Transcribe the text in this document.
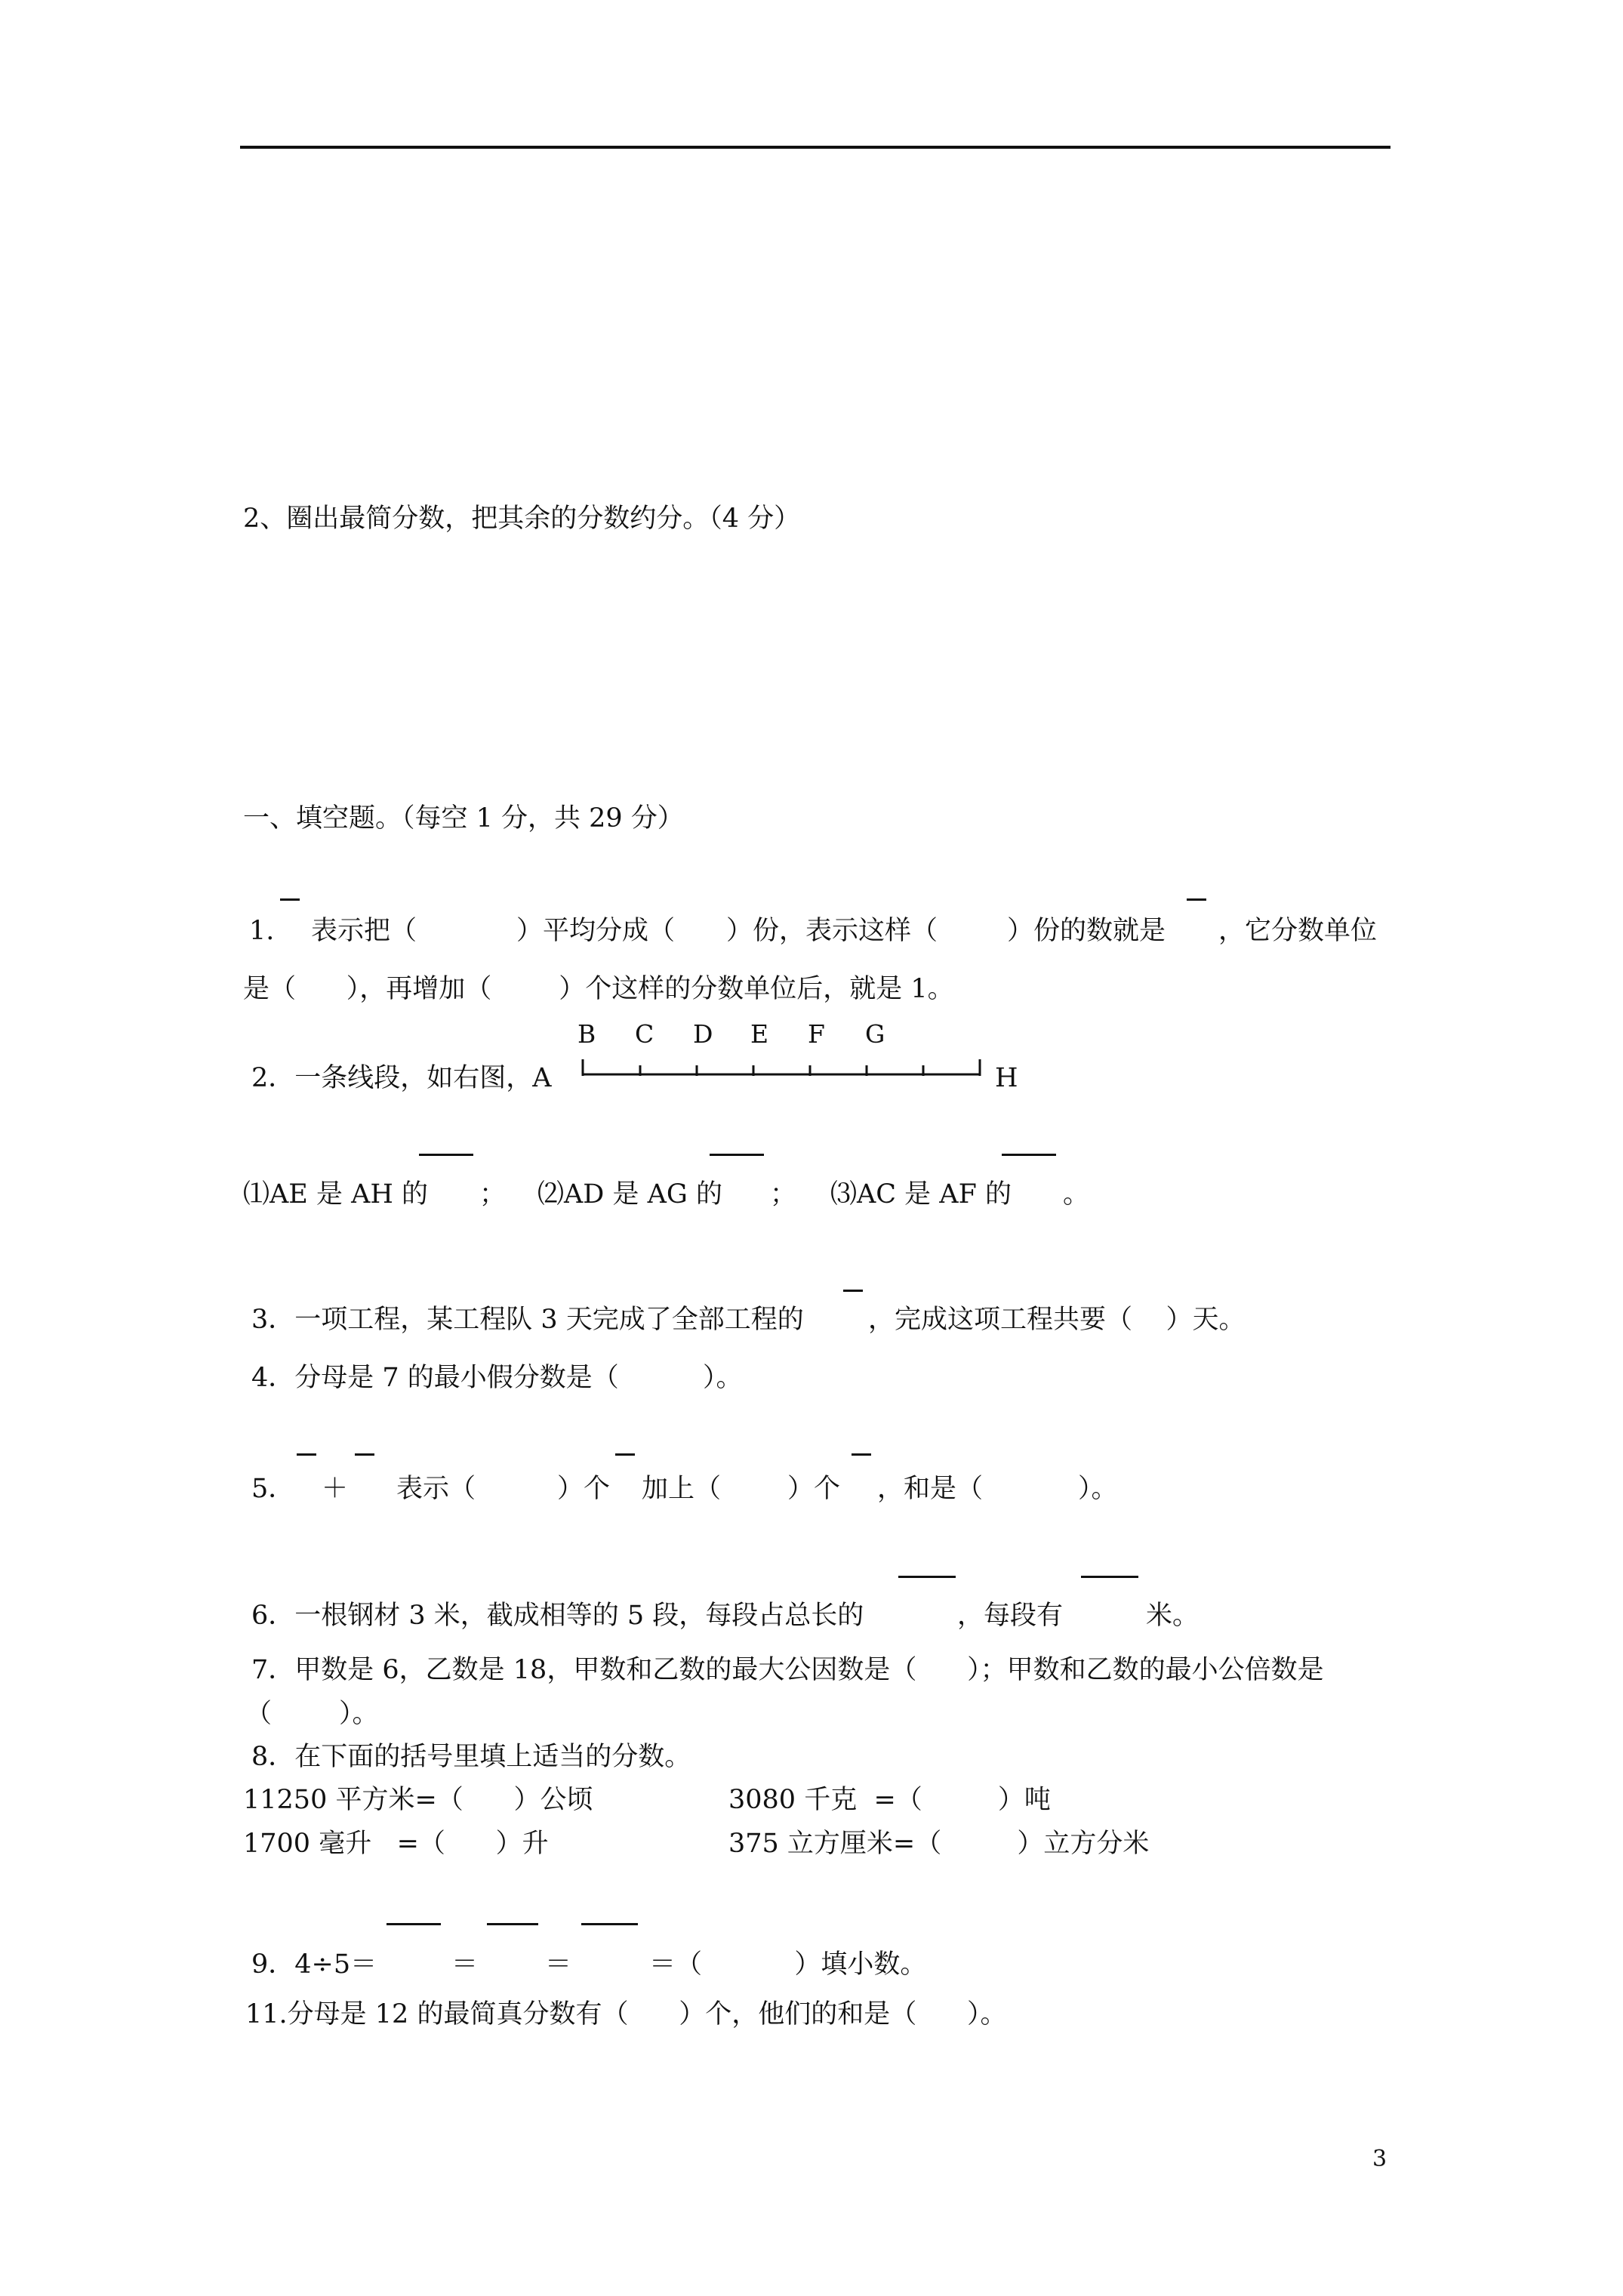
2、圈出最简分数，把其余的分数约分。（4 分）
一、填空题。（每空 1 分，共 29 分）
1. 表示把（	）平均分成（ ）份，表示这样（	）份的数就是 ，它分数单位
是（      ），再增加（        ）个这样的分数单位后，就是 1。
B C D E F G
2．一条线段，如右图，A	H
⑴AE 是 AH 的 ； ⑵AD 是 AG 的 ； ⑶AC 是 AF 的 。
3．一项工程，某工程队 3 天完成了全部工程的 ，完成这项工程共要（    ）天。
4．分母是 7 的最小假分数是（          ）。
5． ＋ 表示（	）个 加上（	）个 ，和是（	）。
6．一根钢材 3 米，截成相等的 5 段，每段占总长的	，每段有	米。
7．甲数是 6，乙数是 18，甲数和乙数的最大公因数是（      ）；甲数和乙数的最小公倍数是
（        ）。
8．在下面的括号里填上适当的分数。
11250 平方米=（      ）公顷	3080 千克  =（         ）吨
1700 毫升   =（      ）升	375 立方厘米=（         ）立方分米
9．4÷5＝	＝	＝	＝（           ）填小数。
11.分母是 12 的最简真分数有（      ）个，他们的和是（      ）。
3
